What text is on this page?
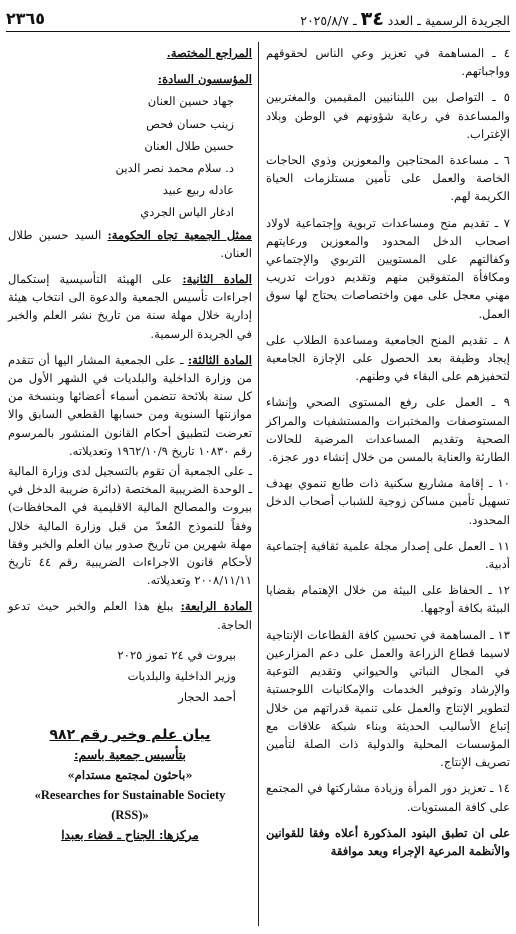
الجريدة الرسمية ـ العدد ٣٤ ـ ٢٠٢٥/٨/٧
٢٣٦٥

٤ ـ المساهمة في تعزيز وعي الناس لحقوقهم وواجباتهم.

٥ ـ التواصل بين اللبنانيين المقيمين والمغتربين والمساعدة في رعاية شؤونهم في الوطن وبلاد الإغتراب.

٦ ـ مساعدة المحتاجين والمعوزين وذوي الحاجات الخاصة والعمل على تأمين مستلزمات الحياة الكريمة لهم.

٧ ـ تقديم منح ومساعدات تربوية وإجتماعية لاولاد اصحاب الدخل المحدود والمعوزين ورعايتهم وكفالتهم على المستويين التربوي والإجتماعي ومكافأة المتفوقين منهم وتقديم دورات تدريب مهني معجل على مهن واختصاصات يحتاج لها سوق العمل.

٨ ـ تقديم المنح الجامعية ومساعدة الطلاب على إيجاد وظيفة بعد الحصول على الإجازة الجامعية لتحفيزهم على البقاء في وطنهم.

٩ ـ العمل على رفع المستوى الصحي وإنشاء المستوصفات والمختبرات والمستشفيات والمراكز الصحية وتقديم المساعدات المرضية للحالات الطارئة والعناية بالمسن من خلال إنشاء دور عجزة.

١٠ ـ إقامة مشاريع سكنية ذات طابع تنموي بهدف تسهيل تأمين مساكن زوجية للشباب أصحاب الدخل المحدود.

١١ ـ العمل على إصدار مجلة علمية ثقافية إجتماعية أدبية.

١٢ ـ الحفاظ على البيئة من خلال الإهتمام بقضايا البيئة بكافة أوجهها.

١٣ ـ المساهمة في تحسين كافة القطاعات الإنتاجية لاسيما قطاع الزراعة والعمل على دعم المزارعين في المجال النباتي والحيواني وتقديم التوعية والإرشاد وتوفير الخدمات والإمكانيات اللوجستية لتطوير الإنتاج والعمل على تنمية قدراتهم من خلال إتباع الأساليب الحديثة وبناء شبكة علاقات مع المؤسسات المحلية والدولية ذات الصلة لتأمين تصريف الإنتاج.

١٤ ـ تعزيز دور المرأة وزيادة مشاركتها في المجتمع على كافة المستويات.

على ان تطبق البنود المذكورة أعلاه وفقا للقوانين والأنظمة المرعية الإجراء وبعد موافقة

المراجع المختصة.

المؤسسون السادة:

جهاد حسين العنان

زينب حسان فحص

حسين طلال العنان

د. سلام محمد نصر الدين

عادله ربيع عبيد

ادغار الياس الجردي

ممثل الجمعية تجاه الحكومة: السيد حسين طلال العنان.

المادة الثانية: على الهيئة التأسيسية إستكمال اجراءات تأسيس الجمعية والدعوة الى انتخاب هيئة إدارية خلال مهلة سنة من تاريخ نشر العلم والخبر في الجريدة الرسمية.

المادة الثالثة: ـ على الجمعية المشار اليها أن تتقدم من وزارة الداخلية والبلديات في الشهر الأول من كل سنة بلائحة تتضمن أسماء أعضائها وبنسخة من موازنتها السنوية ومن حسابها القطعي السابق والا تعرضت لتطبيق أحكام القانون المنشور بالمرسوم رقم ١٠٨٣٠ تاريخ ١٩٦٢/١٠/٩ وتعديلاته.

ـ على الجمعية أن تقوم بالتسجيل لدى وزارة المالية ـ الوحدة الضريبية المختصة (دائرة ضريبة الدخل في بيروت والمصالح المالية الاقليمية في المحافظات) وفقاً للنموذج المُعدّ من قبل وزارة المالية خلال مهلة شهرين من تاريخ صدور بيان العلم والخبر وفقا لأحكام قانون الاجراءات الضريبية رقم ٤٤ تاريخ ٢٠٠٨/١١/١١ وتعديلاته.

المادة الرابعة: يبلغ هذا العلم والخبر حيث تدعو الحاجة.

بيروت في ٢٤ تموز ٢٠٢٥
وزير الداخلية والبلديات
أحمد الحجار
بيان علم وخبر رقم ٩٨٢
بتأسيس جمعية باسم:
«باحثون لمجتمع مستدام»
«Researches for Sustainable Society
(RSS)»
مركزها: الجناح ـ قضاء بعبدا
